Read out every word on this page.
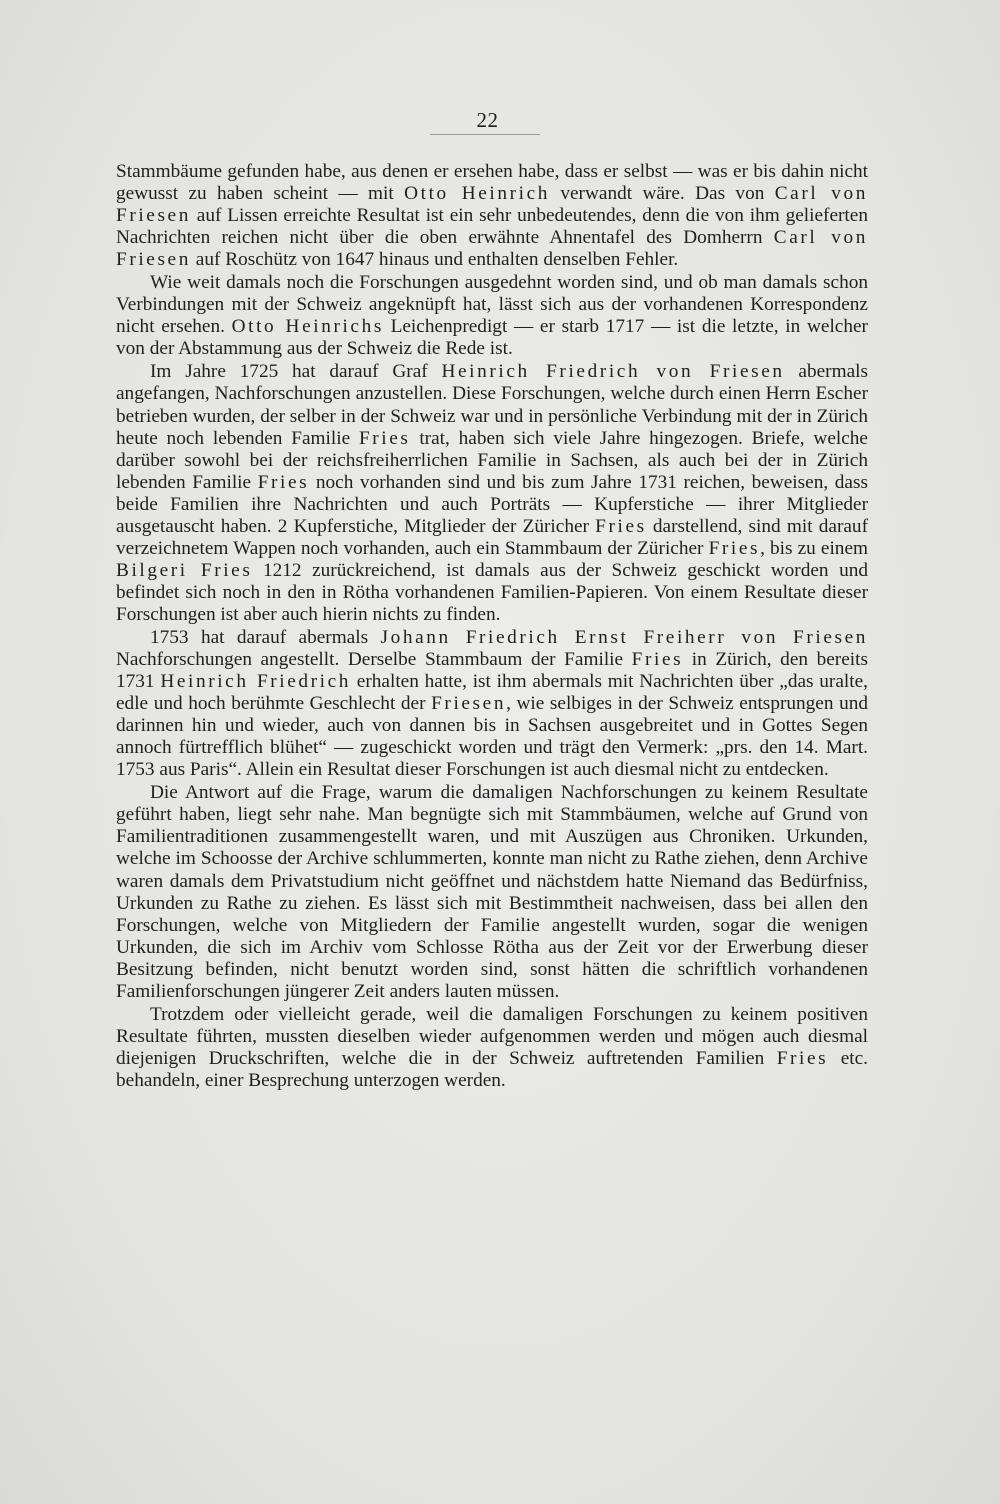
22

Stammbäume gefunden habe, aus denen er ersehen habe, dass er selbst — was er bis dahin nicht gewusst zu haben scheint — mit Otto Heinrich verwandt wäre. Das von Carl von Friesen auf Lissen erreichte Resultat ist ein sehr unbedeutendes, denn die von ihm gelieferten Nachrichten reichen nicht über die oben erwähnte Ahnentafel des Domherrn Carl von Friesen auf Roschütz von 1647 hinaus und enthalten denselben Fehler.

Wie weit damals noch die Forschungen ausgedehnt worden sind, und ob man damals schon Verbindungen mit der Schweiz angeknüpft hat, lässt sich aus der vorhandenen Korrespondenz nicht ersehen. Otto Heinrichs Leichenpredigt — er starb 1717 — ist die letzte, in welcher von der Abstammung aus der Schweiz die Rede ist.

Im Jahre 1725 hat darauf Graf Heinrich Friedrich von Friesen abermals angefangen, Nachforschungen anzustellen. Diese Forschungen, welche durch einen Herrn Escher betrieben wurden, der selber in der Schweiz war und in persönliche Verbindung mit der in Zürich heute noch lebenden Familie Fries trat, haben sich viele Jahre hingezogen. Briefe, welche darüber sowohl bei der reichsfreiherrlichen Familie in Sachsen, als auch bei der in Zürich lebenden Familie Fries noch vorhanden sind und bis zum Jahre 1731 reichen, beweisen, dass beide Familien ihre Nachrichten und auch Porträts — Kupferstiche — ihrer Mitglieder ausgetauscht haben. 2 Kupferstiche, Mitglieder der Züricher Fries darstellend, sind mit darauf verzeichnetem Wappen noch vorhanden, auch ein Stammbaum der Züricher Fries, bis zu einem Bilgeri Fries 1212 zurückreichend, ist damals aus der Schweiz geschickt worden und befindet sich noch in den in Rötha vorhandenen Familien-Papieren. Von einem Resultate dieser Forschungen ist aber auch hierin nichts zu finden.

1753 hat darauf abermals Johann Friedrich Ernst Freiherr von Friesen Nachforschungen angestellt. Derselbe Stammbaum der Familie Fries in Zürich, den bereits 1731 Heinrich Friedrich erhalten hatte, ist ihm abermals mit Nachrichten über „das uralte, edle und hoch berühmte Geschlecht der Friesen, wie selbiges in der Schweiz entsprungen und darinnen hin und wieder, auch von dannen bis in Sachsen ausgebreitet und in Gottes Segen annoch fürtrefflich blühet“ — zugeschickt worden und trägt den Vermerk: „prs. den 14. Mart. 1753 aus Paris“. Allein ein Resultat dieser Forschungen ist auch diesmal nicht zu entdecken.

Die Antwort auf die Frage, warum die damaligen Nachforschungen zu keinem Resultate geführt haben, liegt sehr nahe. Man begnügte sich mit Stammbäumen, welche auf Grund von Familientraditionen zusammengestellt waren, und mit Auszügen aus Chroniken. Urkunden, welche im Schoosse der Archive schlummerten, konnte man nicht zu Rathe ziehen, denn Archive waren damals dem Privatstudium nicht geöffnet und nächstdem hatte Niemand das Bedürfniss, Urkunden zu Rathe zu ziehen. Es lässt sich mit Bestimmtheit nachweisen, dass bei allen den Forschungen, welche von Mitgliedern der Familie angestellt wurden, sogar die wenigen Urkunden, die sich im Archiv vom Schlosse Rötha aus der Zeit vor der Erwerbung dieser Besitzung befinden, nicht benutzt worden sind, sonst hätten die schriftlich vorhandenen Familienforschungen jüngerer Zeit anders lauten müssen.

Trotzdem oder vielleicht gerade, weil die damaligen Forschungen zu keinem positiven Resultate führten, mussten dieselben wieder aufgenommen werden und mögen auch diesmal diejenigen Druckschriften, welche die in der Schweiz auftretenden Familien Fries etc. behandeln, einer Besprechung unterzogen werden.
